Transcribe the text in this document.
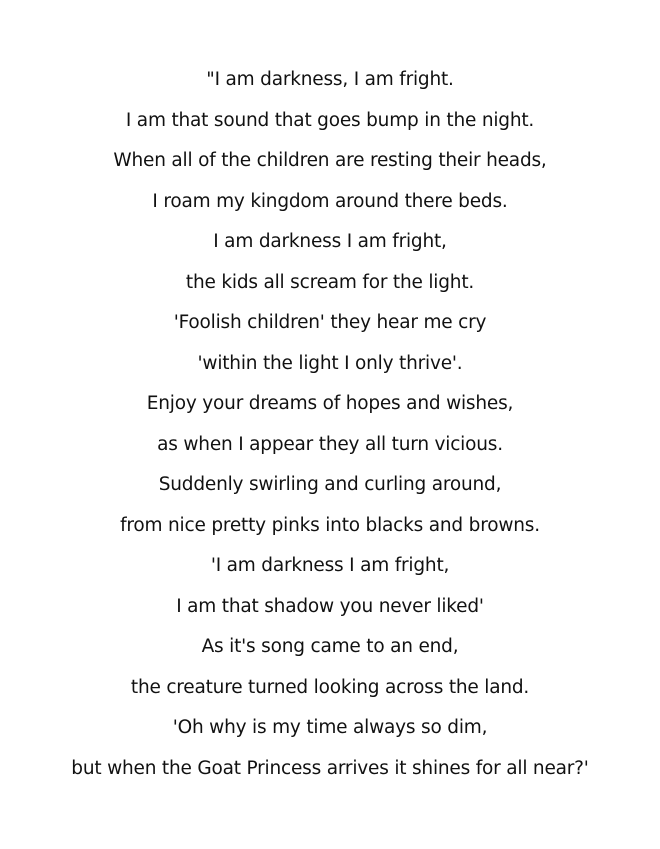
"I am darkness, I am fright.
I am that sound that goes bump in the night.
When all of the children are resting their heads,
I roam my kingdom around there beds.
I am darkness I am fright,
the kids all scream for the light.
'Foolish children' they hear me cry
'within the light I only thrive'.
Enjoy your dreams of hopes and wishes,
as when I appear they all turn vicious.
Suddenly swirling and curling around,
from nice pretty pinks into blacks and browns.
'I am darkness I am fright,
I am that shadow you never liked'
As it's song came to an end,
the creature turned looking across the land.
'Oh why is my time always so dim,
but when the Goat Princess arrives it shines for all near?'
